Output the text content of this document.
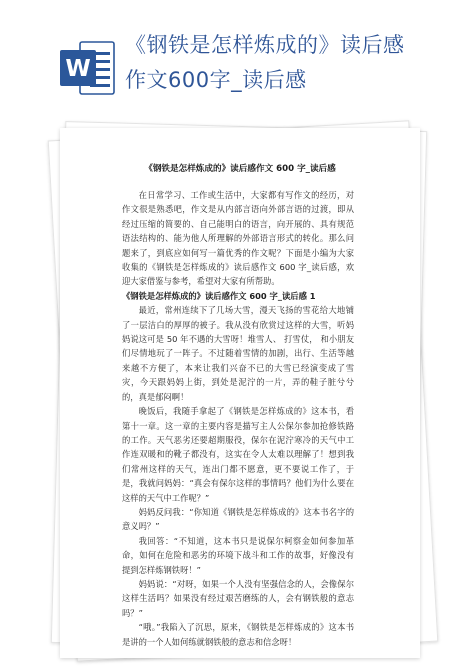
W
《钢铁是怎样炼成的》读后感
作文600字_读后感
《钢铁是怎样炼成的》读后感作文 600 字_读后感

在日常学习、工作或生活中，大家都有写作文的经历，对作文很是熟悉吧，作文是从内部言语向外部言语的过渡，即从经过压缩的简要的、自己能明白的语言，向开展的、具有规范语法结构的、能为他人所理解的外部语言形式的转化。那么问题来了，到底应如何写一篇优秀的作文呢？下面是小编为大家收集的《钢铁是怎样炼成的》读后感作文 600 字_读后感，欢迎大家借鉴与参考，希望对大家有所帮助。

《钢铁是怎样炼成的》读后感作文 600 字_读后感 1

最近，常州连续下了几场大雪，漫天飞扬的雪花给大地铺了一层洁白的厚厚的被子。我从没有欣赏过这样的大雪，听妈妈说这可是 50 年不遇的大雪呀！堆雪人、 打雪仗， 和小朋友们尽情地玩了一阵子。不过随着雪情的加剧，出行、生活等越来越不方便了，本来让我们兴奋不已的大雪已经演变成了雪灾，今天跟妈妈上街，到处是泥泞的一片，弄的鞋子脏兮兮的，真是郁闷啊！

晚饭后，我随手拿起了《钢铁是怎样炼成的》这本书，看第十一章。这一章的主要内容是描写主人公保尔参加抢修铁路的工作。天气恶劣还要超期服役，保尔在泥泞寒冷的天气中工作连双暖和的靴子都没有，这实在令人太难以理解了！想到我们常州这样的天气，连出门都不愿意，更不要说工作了，于是，我就问妈妈：“真会有保尔这样的事情吗？他们为什么要在这样的天气中工作呢？”

妈妈反问我：“你知道《钢铁是怎样炼成的》这本书名字的意义吗？”

我回答：“不知道，这本书只是说保尔柯察金如何参加革命，如何在危险和恶劣的环境下战斗和工作的故事，好像没有提到怎样炼钢铁呀！”

妈妈说：“对呀，如果一个人没有坚强信念的人，会像保尔这样生活吗？如果没有经过艰苦磨练的人，会有钢铁般的意志吗？”

“哦。”我陷入了沉思，原来，《钢铁是怎样炼成的》这本书是讲的一个人如何练就钢铁般的意志和信念呀！
